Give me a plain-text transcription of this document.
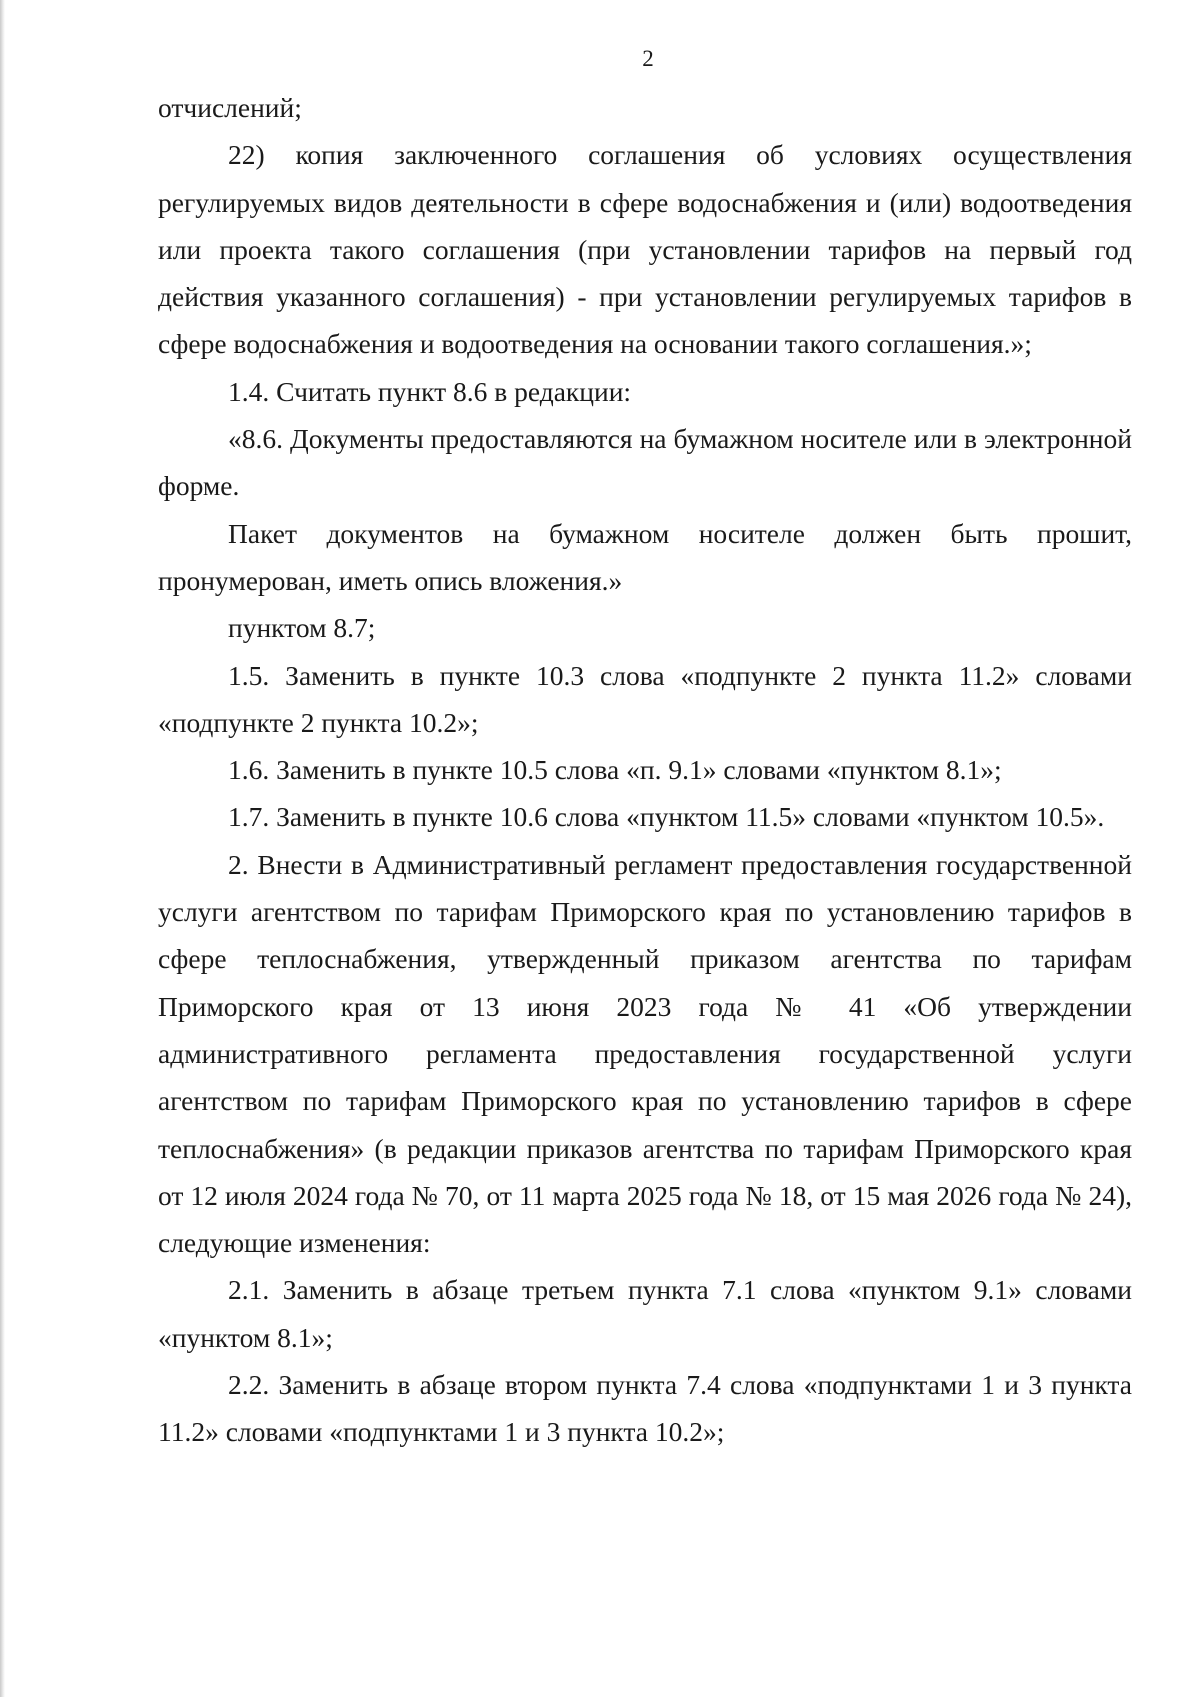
2

отчислений;

22) копия заключенного соглашения об условиях осуществления регулируемых видов деятельности в сфере водоснабжения и (или) водоотведения или проекта такого соглашения (при установлении тарифов на первый год действия указанного соглашения) - при установлении регулируемых тарифов в сфере водоснабжения и водоотведения на основании такого соглашения.»;

1.4. Считать пункт 8.6 в редакции:

«8.6. Документы предоставляются на бумажном носителе или в электронной форме.

Пакет документов на бумажном носителе должен быть прошит, пронумерован, иметь опись вложения.»

пунктом 8.7;

1.5. Заменить в пункте 10.3 слова «подпункте 2 пункта 11.2» словами «подпункте 2 пункта 10.2»;

1.6. Заменить в пункте 10.5 слова «п. 9.1» словами «пунктом 8.1»;

1.7. Заменить в пункте 10.6 слова «пунктом 11.5» словами «пунктом 10.5».

2. Внести в Административный регламент предоставления государственной услуги агентством по тарифам Приморского края по установлению тарифов в сфере теплоснабжения, утвержденный приказом агентства по тарифам Приморского края от 13 июня 2023 года № 41 «Об утверждении административного регламента предоставления государственной услуги агентством по тарифам Приморского края по установлению тарифов в сфере теплоснабжения» (в редакции приказов агентства по тарифам Приморского края от 12 июля 2024 года № 70, от 11 марта 2025 года № 18, от 15 мая 2026 года № 24), следующие изменения:

2.1. Заменить в абзаце третьем пункта 7.1 слова «пунктом 9.1» словами «пунктом 8.1»;

2.2. Заменить в абзаце втором пункта 7.4 слова «подпунктами 1 и 3 пункта 11.2» словами «подпунктами 1 и 3 пункта 10.2»;
